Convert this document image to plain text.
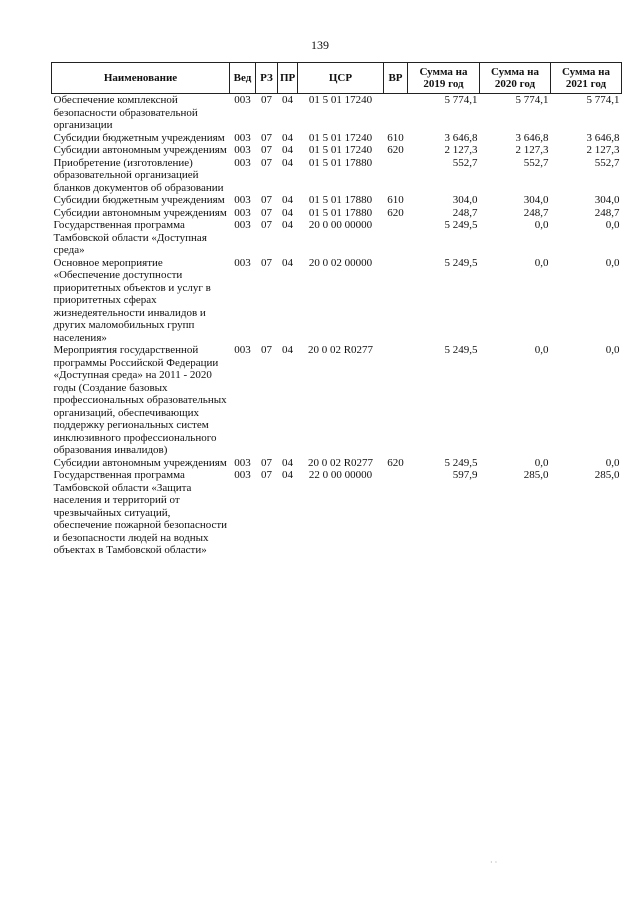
139
Наименование	Вед	РЗ	ПР	ЦСР	ВР	Сумма на 2019 год	Сумма на 2020 год	Сумма на 2021 год
Обеспечение комплексной безопасности образовательной организации	003	07	04	01 5 01 17240		5 774,1	5 774,1	5 774,1
Субсидии бюджетным учреждениям	003	07	04	01 5 01 17240	610	3 646,8	3 646,8	3 646,8
Субсидии автономным учреждениям	003	07	04	01 5 01 17240	620	2 127,3	2 127,3	2 127,3
Приобретение (изготовление) образовательной организацией бланков документов об образовании	003	07	04	01 5 01 17880		552,7	552,7	552,7
Субсидии бюджетным учреждениям	003	07	04	01 5 01 17880	610	304,0	304,0	304,0
Субсидии автономным учреждениям	003	07	04	01 5 01 17880	620	248,7	248,7	248,7
Государственная программа Тамбовской области «Доступная среда»	003	07	04	20 0 00 00000		5 249,5	0,0	0,0
Основное мероприятие «Обеспечение доступности приоритетных объектов и услуг в приоритетных сферах жизнедеятельности инвалидов и других маломобильных групп населения»	003	07	04	20 0 02 00000		5 249,5	0,0	0,0
Мероприятия государственной программы Российской Федерации «Доступная среда» на 2011 - 2020 годы (Создание базовых профессиональных образовательных организаций, обеспечивающих поддержку региональных систем инклюзивного профессионального образования инвалидов)	003	07	04	20 0 02 R0277		5 249,5	0,0	0,0
Субсидии автономным учреждениям	003	07	04	20 0 02 R0277	620	5 249,5	0,0	0,0
Государственная программа Тамбовской области «Защита населения и территорий от чрезвычайных ситуаций, обеспечение пожарной безопасности и безопасности людей на водных объектах в Тамбовской области»	003	07	04	22 0 00 00000		597,9	285,0	285,0
· ·
